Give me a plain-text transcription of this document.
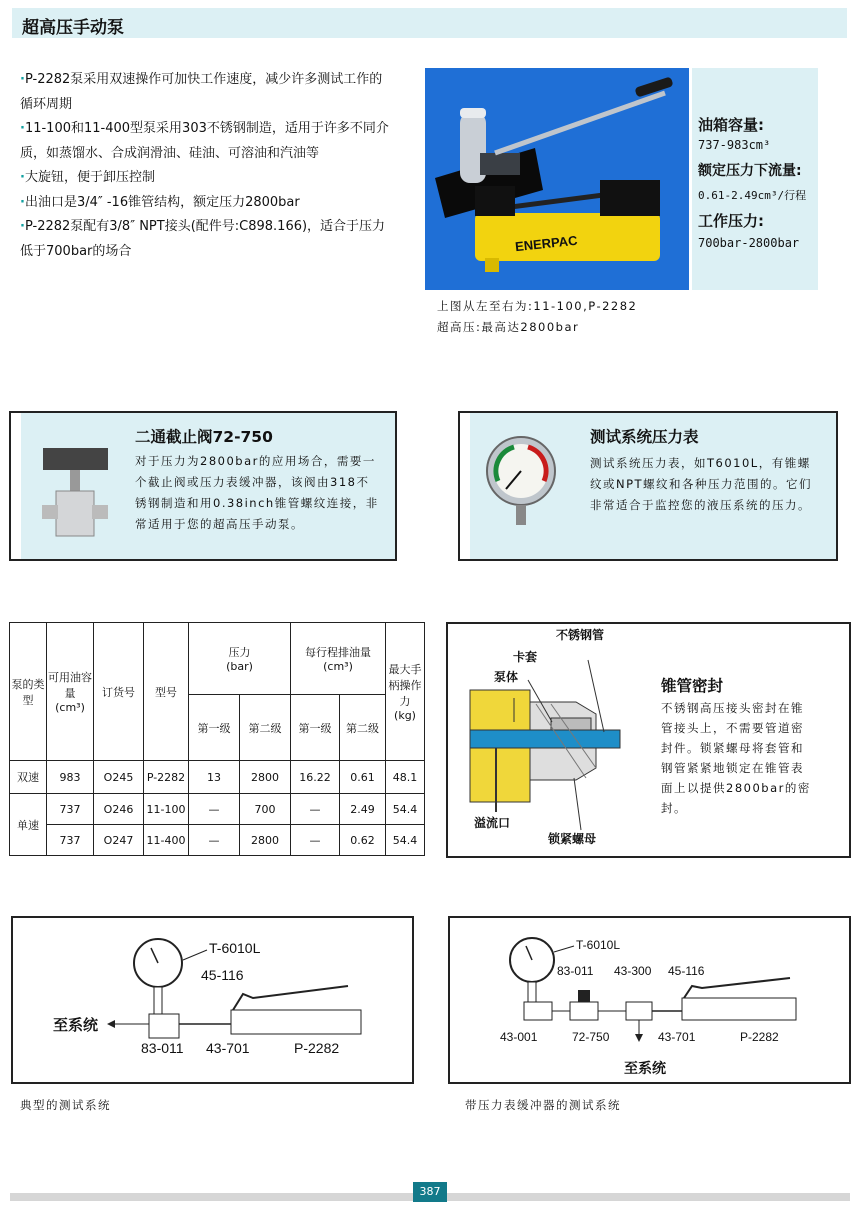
超高压手动泵
·P-2282泵采用双速操作可加快工作速度，减少许多测试工作的循环周期
·11-100和11-400型泵采用303不锈钢制造，适用于许多不同介质，如蒸馏水、合成润滑油、硅油、可溶油和汽油等
·大旋钮，便于卸压控制
·出油口是3/4″ -16锥管结构，额定压力2800bar
·P-2282泵配有3/8″ NPT接头(配件号:C898.166)，适合于压力低于700bar的场合	ENERPAC
油箱容量:
737-983cm³
额定压力下流量:
0.61-2.49cm³/行程
工作压力:
700bar-2800bar
上图从左至右为:11-100,P-2282
超高压:最高达2800bar
二通截止阀72-750

对于压力为2800bar的应用场合，需要一个截止阀或压力表缓冲器，该阀由318不锈钢制造和用0.38inch锥管螺纹连接，非常适用于您的超高压手动泵。

测试系统压力表

测试系统压力表，如T6010L，有锥螺纹或NPT螺纹和各种压力范围的。它们非常适合于监控您的液压系统的压力。

泵的类型	可用油容量
(cm³)	订货号	型号	压力
(bar)		每行程排油量
(cm³)		最大手柄操作力
(kg)
				第一级	第二级	第一级	第二级	
双速	983	O245	P-2282	13	2800	16.22	0.61	48.1
单速	737	O246	11-100	—	700	—	2.49	54.4
	737	O247	11-400	—	2800	—	0.62	54.4
不锈钢管
卡套
泵体
溢流口
锁紧螺母
锥管密封

不锈钢高压接头密封在锥管接头上，不需要管道密封件。锁紧螺母将套管和钢管紧紧地锁定在锥管表面上以提供2800bar的密封。

T-6010L
45-116
至系统
83-011 43-701	P-2282
T-6010L
83-011 43-300 45-116
43-001	72-750	43-701	P-2282
至系统
典型的测试系统	带压力表缓冲器的测试系统
387
